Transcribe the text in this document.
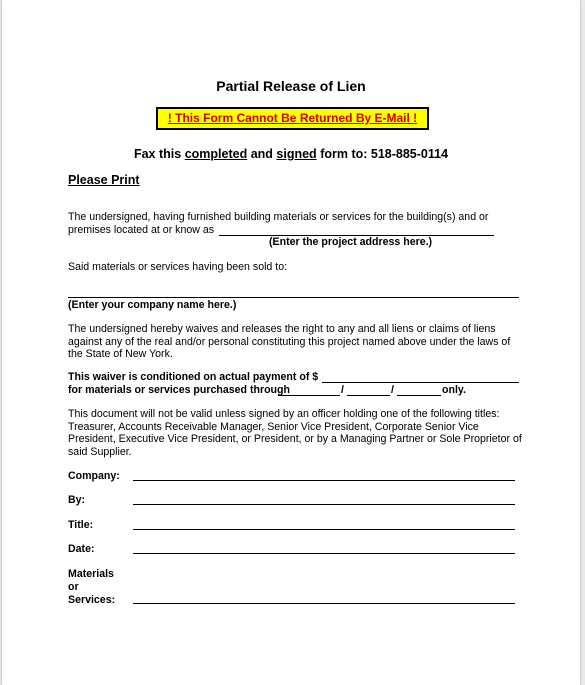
Partial Release of Lien
! This Form Cannot Be Returned By E-Mail !
Fax this completed and signed form to: 518-885-0114
Please Print
The undersigned, having furnished building materials or services for the building(s) and or
premises located at or know as
(Enter the project address here.)
Said materials or services having been sold to:
(Enter your company name here.)
The undersigned hereby waives and releases the right to any and all liens or claims of liens against any of the real and/or personal constituting this project named above under the laws of the State of New York.
This waiver is conditioned on actual payment of $
for materials or services purchased through	/	/	only.
This document will not be valid unless signed by an officer holding one of the following titles: Treasurer, Accounts Receivable Manager, Senior Vice President, Corporate Senior Vice President, Executive Vice President, or President, or by a Managing Partner or Sole Proprietor of said Supplier.
Company:
By:
Title:
Date:
Materials
or
Services:
